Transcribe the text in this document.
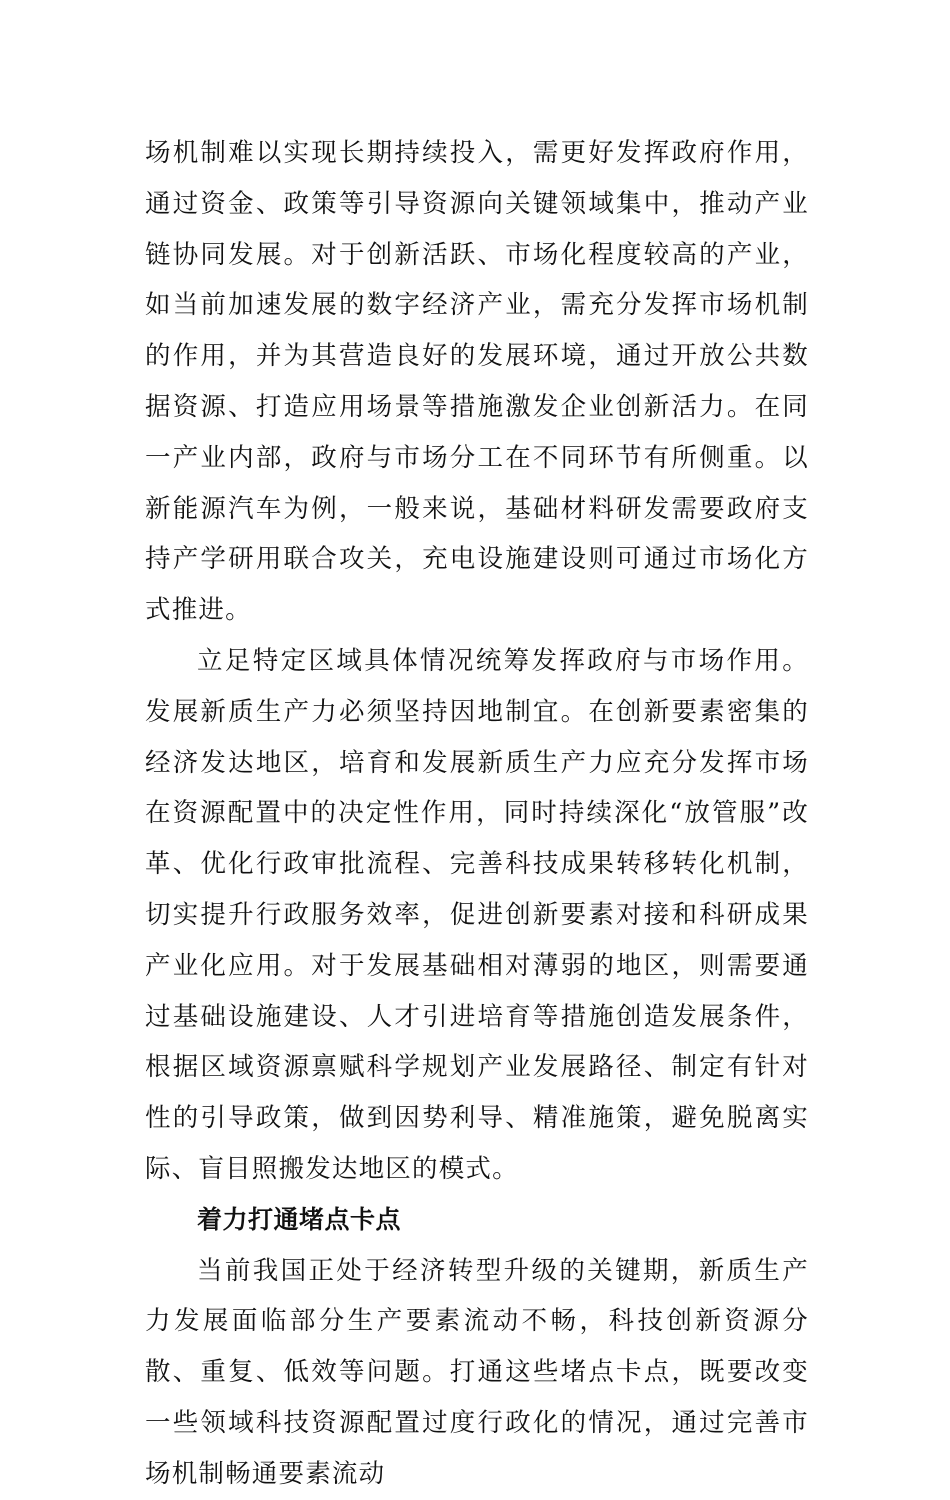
场机制难以实现长期持续投入，需更好发挥政府作用，通过资金、政策等引导资源向关键领域集中，推动产业链协同发展。对于创新活跃、市场化程度较高的产业，如当前加速发展的数字经济产业，需充分发挥市场机制的作用，并为其营造良好的发展环境，通过开放公共数据资源、打造应用场景等措施激发企业创新活力。在同一产业内部，政府与市场分工在不同环节有所侧重。以新能源汽车为例，一般来说，基础材料研发需要政府支持产学研用联合攻关，充电设施建设则可通过市场化方式推进。

立足特定区域具体情况统筹发挥政府与市场作用。发展新质生产力必须坚持因地制宜。在创新要素密集的经济发达地区，培育和发展新质生产力应充分发挥市场在资源配置中的决定性作用，同时持续深化“放管服”改革、优化行政审批流程、完善科技成果转移转化机制，切实提升行政服务效率，促进创新要素对接和科研成果产业化应用。对于发展基础相对薄弱的地区，则需要通过基础设施建设、人才引进培育等措施创造发展条件，根据区域资源禀赋科学规划产业发展路径、制定有针对性的引导政策，做到因势利导、精准施策，避免脱离实际、盲目照搬发达地区的模式。

着力打通堵点卡点

当前我国正处于经济转型升级的关键期，新质生产力发展面临部分生产要素流动不畅，科技创新资源分散、重复、低效等问题。打通这些堵点卡点，既要改变一些领域科技资源配置过度行政化的情况，通过完善市场机制畅通要素流动
